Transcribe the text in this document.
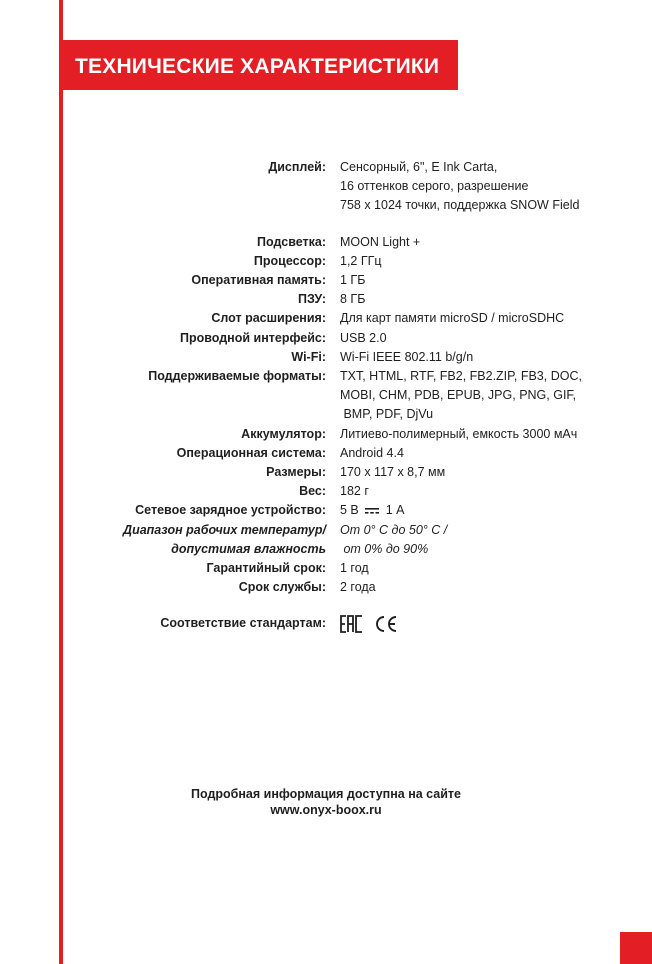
ТЕХНИЧЕСКИЕ ХАРАКТЕРИСТИКИ
Дисплей: Сенсорный, 6", E Ink Carta,
16 оттенков серого, разрешение
758 x 1024 точки, поддержка SNOW Field
Подсветка: MOON Light +
Процессор: 1,2 ГГц
Оперативная память: 1 ГБ
ПЗУ: 8 ГБ
Слот расширения: Для карт памяти microSD / microSDHC
Проводной интерфейс: USB 2.0
Wi-Fi: Wi-Fi IEEE 802.11 b/g/n
Поддерживаемые форматы: TXT, HTML, RTF, FB2, FB2.ZIP, FB3, DOC,
MOBI, CHM, PDB, EPUB, JPG, PNG, GIF,
BMP, PDF, DjVu
Аккумулятор: Литиево-полимерный, емкость 3000 мАч
Операционная система: Android 4.4
Размеры: 170 x 117 x 8,7 мм
Вес: 182 г
Сетевое зарядное устройство: 5 В 1 А
Диапазон рабочих температур/
допустимая влажность
От 0° С до 50° С /
от 0% до 90%
Гарантийный срок: 1 год
Срок службы: 2 года
Соответствие стандартам:
Подробная информация доступна на сайте
www.onyx-boox.ru
